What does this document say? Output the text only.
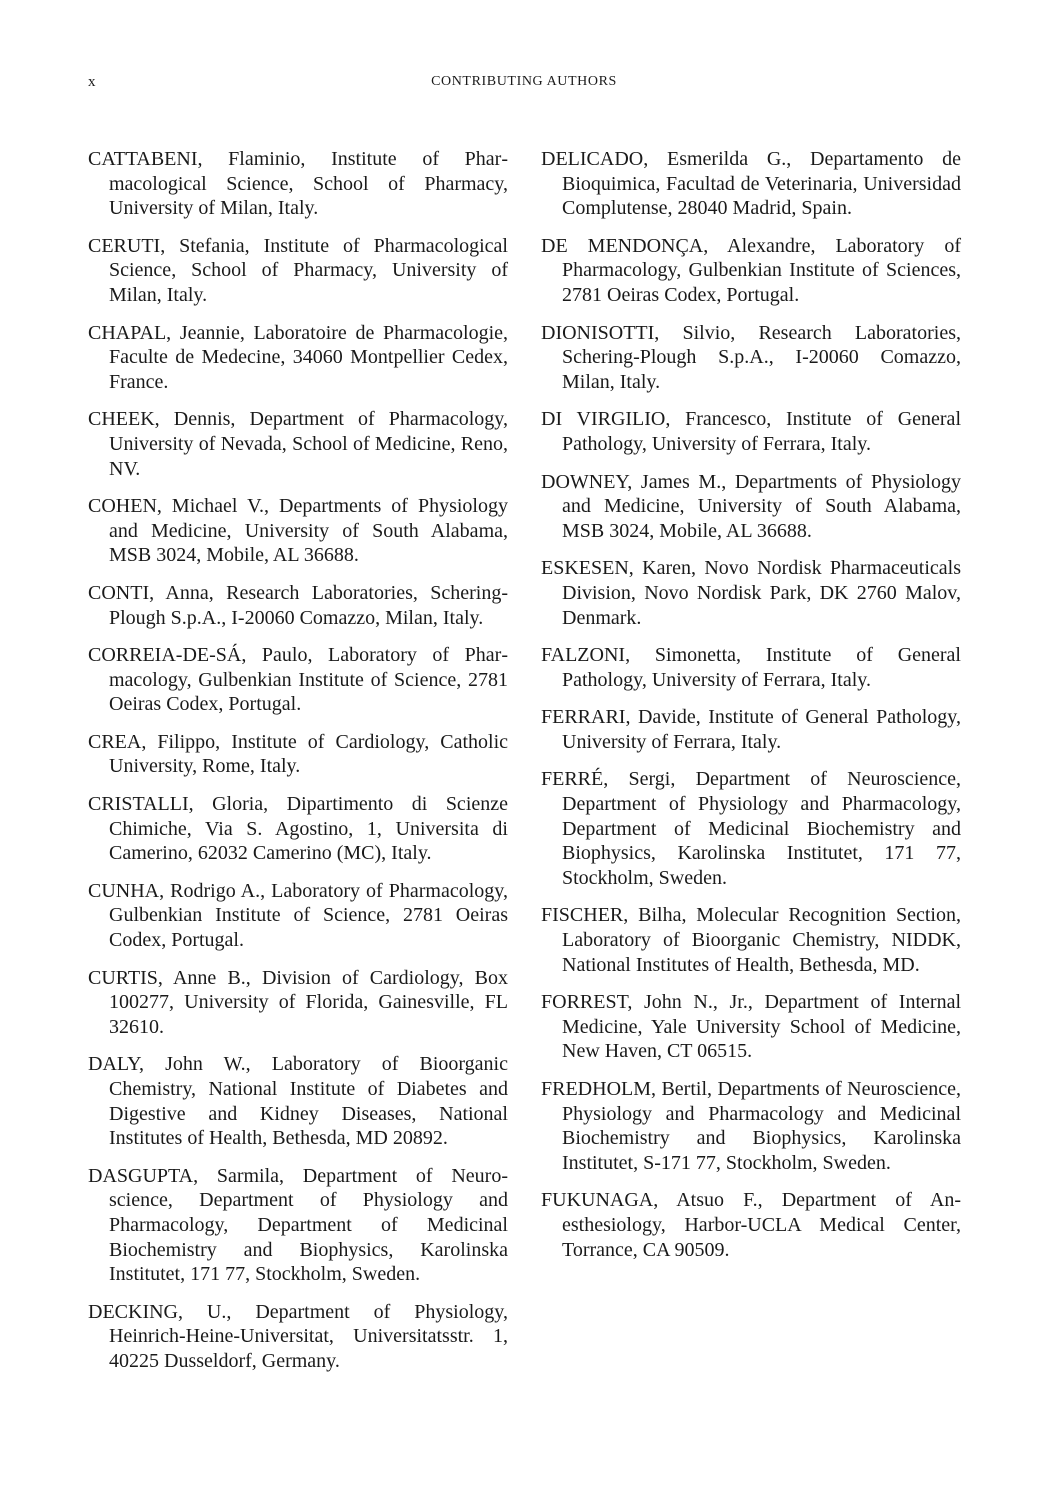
x	CONTRIBUTING AUTHORS

CATTABENI, Flaminio, Institute of Pharmacological Science, School of Pharmacy, University of Milan, Italy.

CERUTI, Stefania, Institute of Pharmacological Science, School of Pharmacy, University of Milan, Italy.

CHAPAL, Jeannie, Laboratoire de Pharmacologie, Faculte de Medecine, 34060 Montpellier Cedex, France.

CHEEK, Dennis, Department of Pharmacology, University of Nevada, School of Medicine, Reno, NV.

COHEN, Michael V., Departments of Physiology and Medicine, University of South Alabama, MSB 3024, Mobile, AL 36688.

CONTI, Anna, Research Laboratories, Schering-Plough S.p.A., I-20060 Comazzo, Milan, Italy.

CORREIA-DE-SÁ, Paulo, Laboratory of Pharmacology, Gulbenkian Institute of Science, 2781 Oeiras Codex, Portugal.

CREA, Filippo, Institute of Cardiology, Catholic University, Rome, Italy.

CRISTALLI, Gloria, Dipartimento di Scienze Chimiche, Via S. Agostino, 1, Universita di Camerino, 62032 Camerino (MC), Italy.

CUNHA, Rodrigo A., Laboratory of Pharmacology, Gulbenkian Institute of Science, 2781 Oeiras Codex, Portugal.

CURTIS, Anne B., Division of Cardiology, Box 100277, University of Florida, Gainesville, FL 32610.

DALY, John W., Laboratory of Bioorganic Chemistry, National Institute of Diabetes and Digestive and Kidney Diseases, National Institutes of Health, Bethesda, MD 20892.

DASGUPTA, Sarmila, Department of Neuroscience, Department of Physiology and Pharmacology, Department of Medicinal Biochemistry and Biophysics, Karolinska Institutet, 171 77, Stockholm, Sweden.

DECKING, U., Department of Physiology, Heinrich-Heine-Universitat, Universitatsstr. 1, 40225 Dusseldorf, Germany.

DELICADO, Esmerilda G., Departamento de Bioquimica, Facultad de Veterinaria, Universidad Complutense, 28040 Madrid, Spain.

DE MENDONÇA, Alexandre, Laboratory of Pharmacology, Gulbenkian Institute of Sciences, 2781 Oeiras Codex, Portugal.

DIONISOTTI, Silvio, Research Laboratories, Schering-Plough S.p.A., I-20060 Comazzo, Milan, Italy.

DI VIRGILIO, Francesco, Institute of General Pathology, University of Ferrara, Italy.

DOWNEY, James M., Departments of Physiology and Medicine, University of South Alabama, MSB 3024, Mobile, AL 36688.

ESKESEN, Karen, Novo Nordisk Pharmaceuticals Division, Novo Nordisk Park, DK 2760 Malov, Denmark.

FALZONI, Simonetta, Institute of General Pathology, University of Ferrara, Italy.

FERRARI, Davide, Institute of General Pathology, University of Ferrara, Italy.

FERRÉ, Sergi, Department of Neuroscience, Department of Physiology and Pharmacology, Department of Medicinal Biochemistry and Biophysics, Karolinska Institutet, 171 77, Stockholm, Sweden.

FISCHER, Bilha, Molecular Recognition Section, Laboratory of Bioorganic Chemistry, NIDDK, National Institutes of Health, Bethesda, MD.

FORREST, John N., Jr., Department of Internal Medicine, Yale University School of Medicine, New Haven, CT 06515.

FREDHOLM, Bertil, Departments of Neuroscience, Physiology and Pharmacology and Medicinal Biochemistry and Biophysics, Karolinska Institutet, S-171 77, Stockholm, Sweden.

FUKUNAGA, Atsuo F., Department of Anesthesiology, Harbor-UCLA Medical Center, Torrance, CA 90509.
